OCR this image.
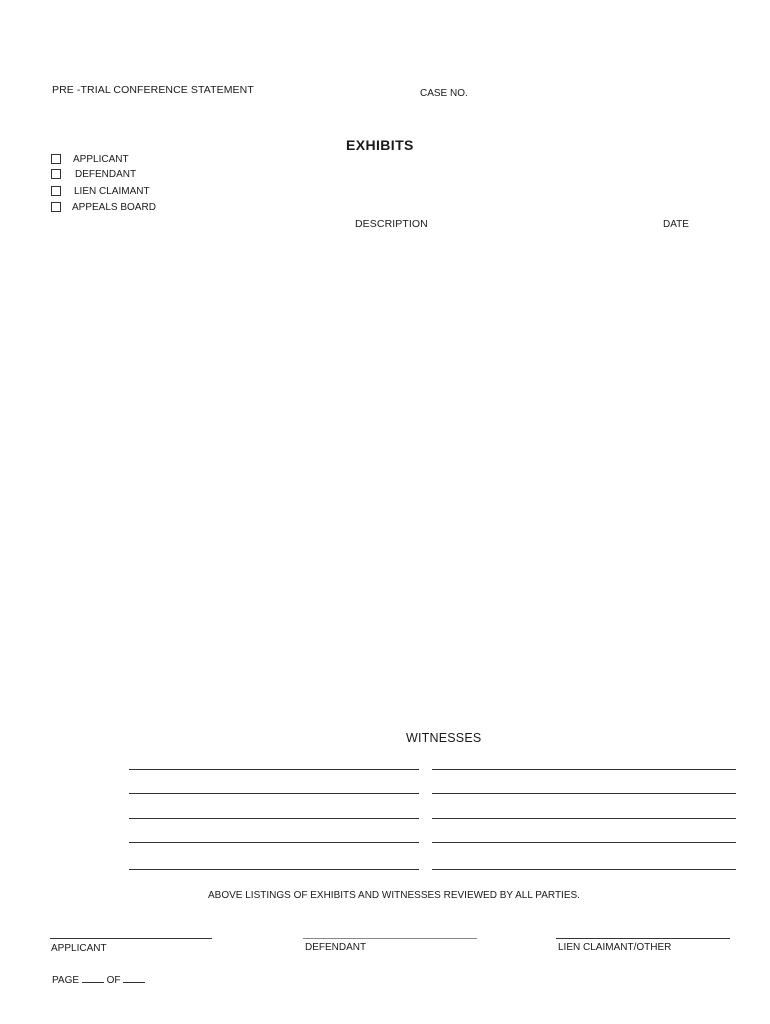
PRE -TRIAL CONFERENCE STATEMENT	CASE NO.
EXHIBITS
APPLICANT
DEFENDANT
LIEN CLAIMANT
APPEALS BOARD
DESCRIPTION	DATE
WITNESSES
ABOVE LISTINGS OF EXHIBITS AND WITNESSES REVIEWED BY ALL PARTIES.
APPLICANT	DEFENDANT	LIEN CLAIMANT/OTHER
PAGE	OF
